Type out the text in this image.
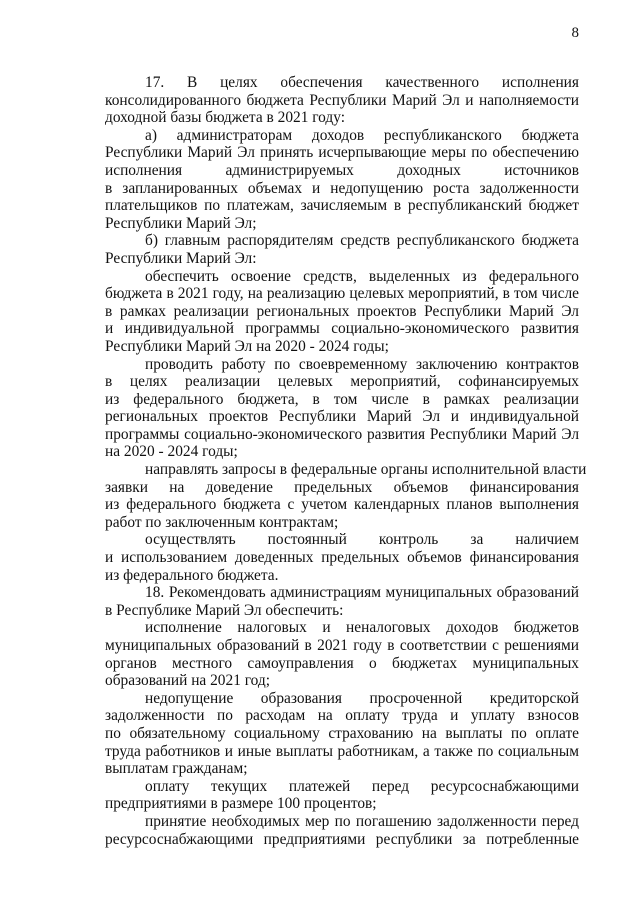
8
17. В целях обеспечения качественного исполнения
консолидированного бюджета Республики Марий Эл и наполняемости
доходной базы бюджета в 2021 году:
а) администраторам доходов республиканского бюджета
Республики Марий Эл принять исчерпывающие меры по обеспечению
исполнения администрируемых доходных источников
в запланированных объемах и недопущению роста задолженности
плательщиков по платежам, зачисляемым в республиканский бюджет
Республики Марий Эл;
б) главным распорядителям средств республиканского бюджета
Республики Марий Эл:
обеспечить освоение средств, выделенных из федерального
бюджета в 2021 году, на реализацию целевых мероприятий, в том числе
в рамках реализации региональных проектов Республики Марий Эл
и индивидуальной программы социально-экономического развития
Республики Марий Эл на 2020 - 2024 годы;
проводить работу по своевременному заключению контрактов
в целях реализации целевых мероприятий, софинансируемых
из федерального бюджета, в том числе в рамках реализации
региональных проектов Республики Марий Эл и индивидуальной
программы социально-экономического развития Республики Марий Эл
на 2020 - 2024 годы;
направлять запросы в федеральные органы исполнительной власти
заявки на доведение предельных объемов финансирования
из федерального бюджета с учетом календарных планов выполнения
работ по заключенным контрактам;
осуществлять постоянный контроль за наличием
и использованием доведенных предельных объемов финансирования
из федерального бюджета.
18. Рекомендовать администрациям муниципальных образований
в Республике Марий Эл обеспечить:
исполнение налоговых и неналоговых доходов бюджетов
муниципальных образований в 2021 году в соответствии с решениями
органов местного самоуправления о бюджетах муниципальных
образований на 2021 год;
недопущение образования просроченной кредиторской
задолженности по расходам на оплату труда и уплату взносов
по обязательному социальному страхованию на выплаты по оплате
труда работников и иные выплаты работникам, а также по социальным
выплатам гражданам;
оплату текущих платежей перед ресурсоснабжающими
предприятиями в размере 100 процентов;
принятие необходимых мер по погашению задолженности перед
ресурсоснабжающими предприятиями республики за потребленные
